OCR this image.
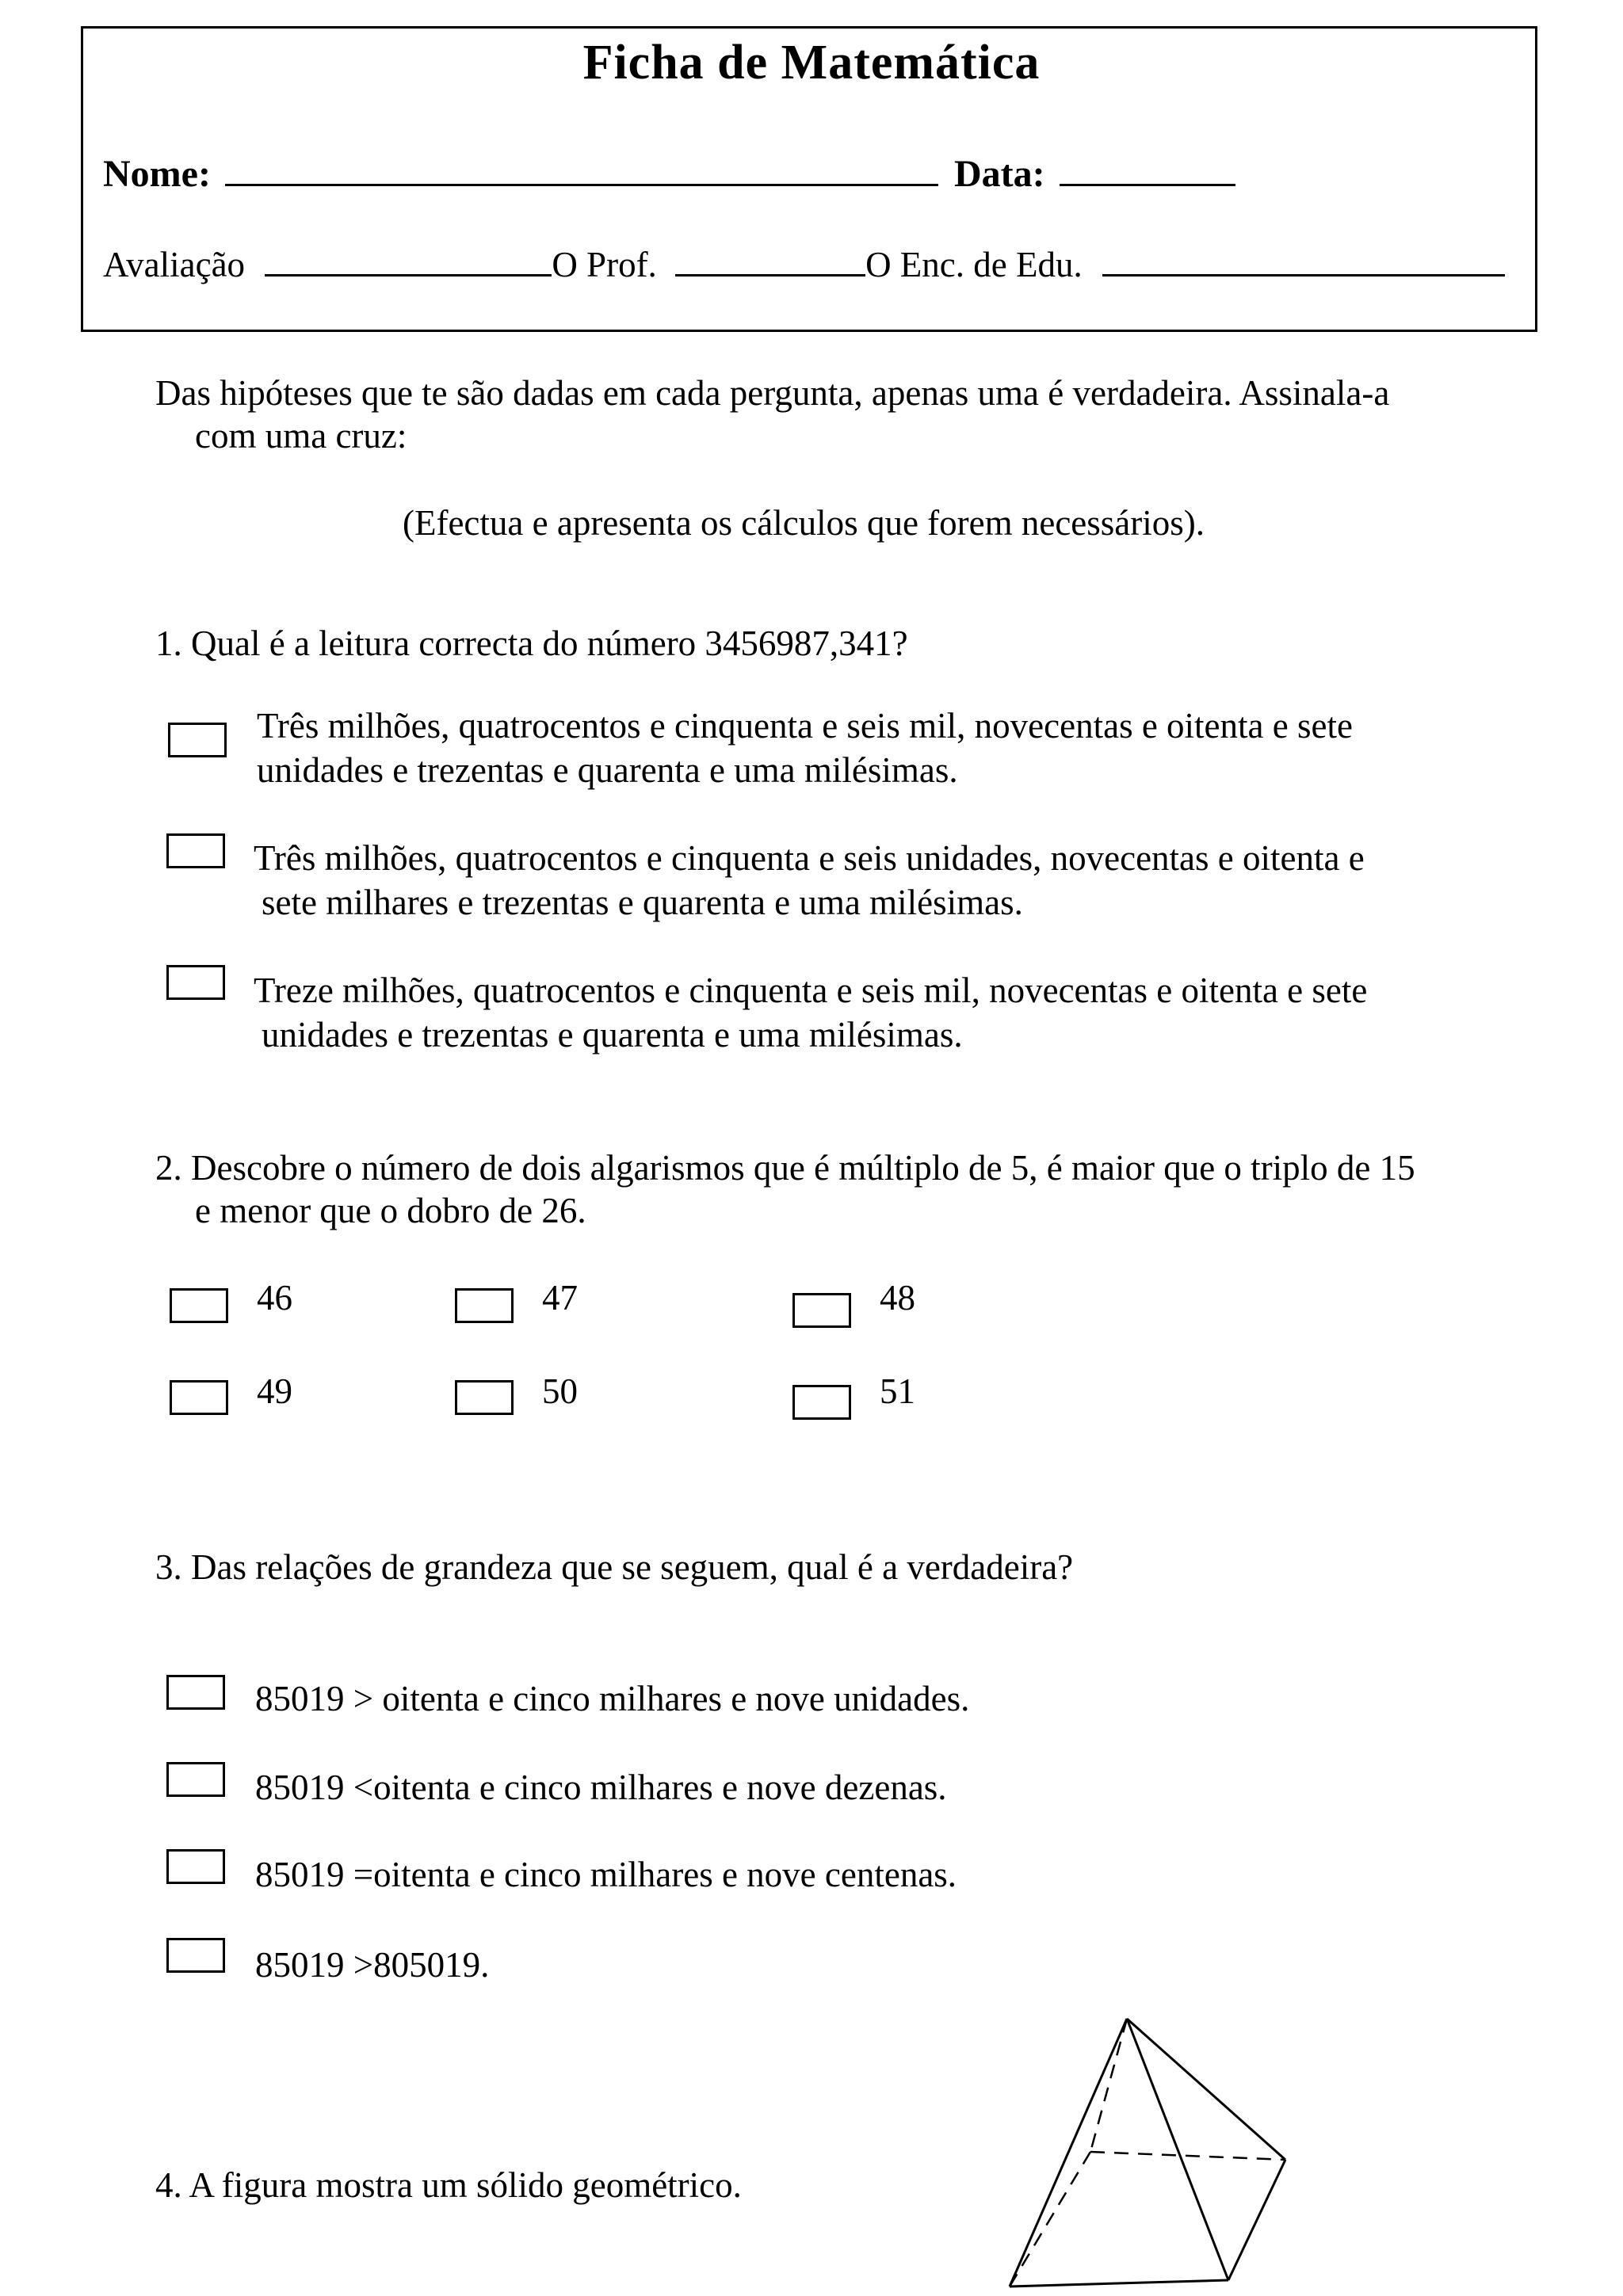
Ficha de Matemática
Nome:	Data:
Avaliação	O Prof.	O Enc. de Edu.
Das hipóteses que te são dadas em cada pergunta, apenas uma é verdadeira. Assinala-a
com uma cruz:
(Efectua e apresenta os cálculos que forem necessários).
1. Qual é a leitura correcta do número 3456987,341?
Três milhões, quatrocentos e cinquenta e seis mil, novecentas e oitenta e sete
unidades e trezentas e quarenta e uma milésimas.
Três milhões, quatrocentos e cinquenta e seis unidades, novecentas e oitenta e
sete milhares e trezentas e quarenta e uma milésimas.
Treze milhões, quatrocentos e cinquenta e seis mil, novecentas e oitenta e sete
unidades e trezentas e quarenta e uma milésimas.
2. Descobre o número de dois algarismos que é múltiplo de 5, é maior que o triplo de 15
e menor que o dobro de 26.
46	47	48
49	50	51
3. Das relações de grandeza que se seguem, qual é a verdadeira?
85019 > oitenta e cinco milhares e nove unidades.
85019 <oitenta e cinco milhares e nove dezenas.
85019 =oitenta e cinco milhares e nove centenas.
85019 >805019.
4. A figura mostra um sólido geométrico.
